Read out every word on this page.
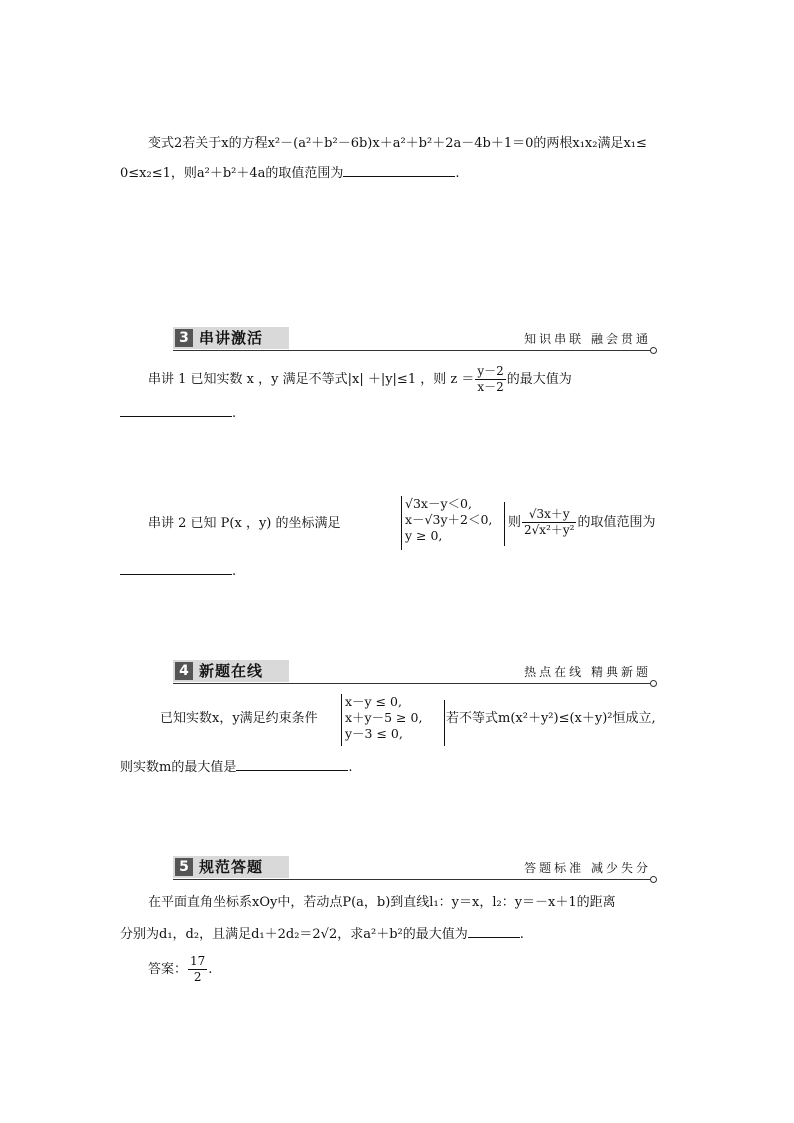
变式2若关于x的方程x²－(a²＋b²－6b)x＋a²＋b²＋2a－4b＋1＝0的两根x₁x₂满足x₁≤
0≤x₂≤1，则a²＋b²＋4a的取值范围为	.
3 串讲激活	知识串联 融会贯通
串讲 1 已知实数 x ，y 满足不等式|x| ＋|y|≤1 ，则 $z = \frac{y-2}{x-2}$ 的最大值为
.
串讲 2 已知 P(x ，y) 的坐标满足
√3x－y＜0,
x－√3y＋2＜0,
y ≥ 0,
则 $\frac{√3x+y}{\text{2√x²＋y²}}$ 的取值范围为
.
4 新题在线	热点在线 精典新题
已知实数x，y满足约束条件
x－y ≤ 0,
x＋y－5 ≥ 0,
y－3 ≤ 0,
若不等式m(x²＋y²)≤(x＋y)²恒成立,
则实数m的最大值是	.
5 规范答题	答题标准 减少失分
在平面直角坐标系xOy中，若动点P(a，b)到直线l₁：y＝x，l₂：y＝－x＋1的距离
分别为d₁，d₂，且满足d₁＋2d₂＝2√2，求a²＋b²的最大值为	.
答案： $\frac{17}{2}$ .
